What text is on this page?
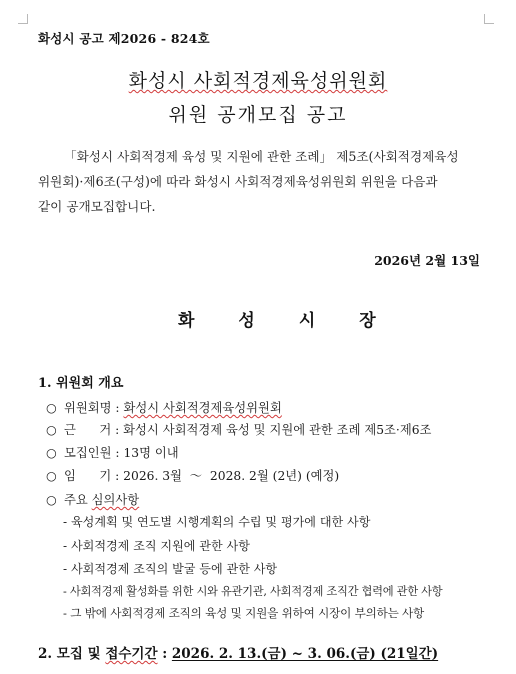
화성시 공고 제2026 - 824호
화성시 사회적경제육성위원회
위원 공개모집 공고
「화성시 사회적경제 육성 및 지원에 관한 조례」 제5조(사회적경제육성
위원회)·제6조(구성)에 따라 화성시 사회적경제육성위원회 위원을 다음과
같이 공개모집합니다.
2026년 2월 13일
화성시장
1. 위원회 개요
○ 위원회명 : 화성시 사회적경제육성위원회
○ 근      거 : 화성시 사회적경제 육성 및 지원에 관한 조례 제5조·제6조
○ 모집인원 : 13명 이내
○ 임      기 : 2026. 3월  ～  2028. 2월 (2년) (예정)
○ 주요 심의사항
- 육성계획 및 연도별 시행계획의 수립 및 평가에 대한 사항
- 사회적경제 조직 지원에 관한 사항
- 사회적경제 조직의 발굴 등에 관한 사항
- 사회적경제 활성화를 위한 시와 유관기관, 사회적경제 조직간 협력에 관한 사항
- 그 밖에 사회적경제 조직의 육성 및 지원을 위하여 시장이 부의하는 사항
2. 모집 및 접수기간 : 2026. 2. 13.(금) ~ 3. 06.(금) (21일간)
